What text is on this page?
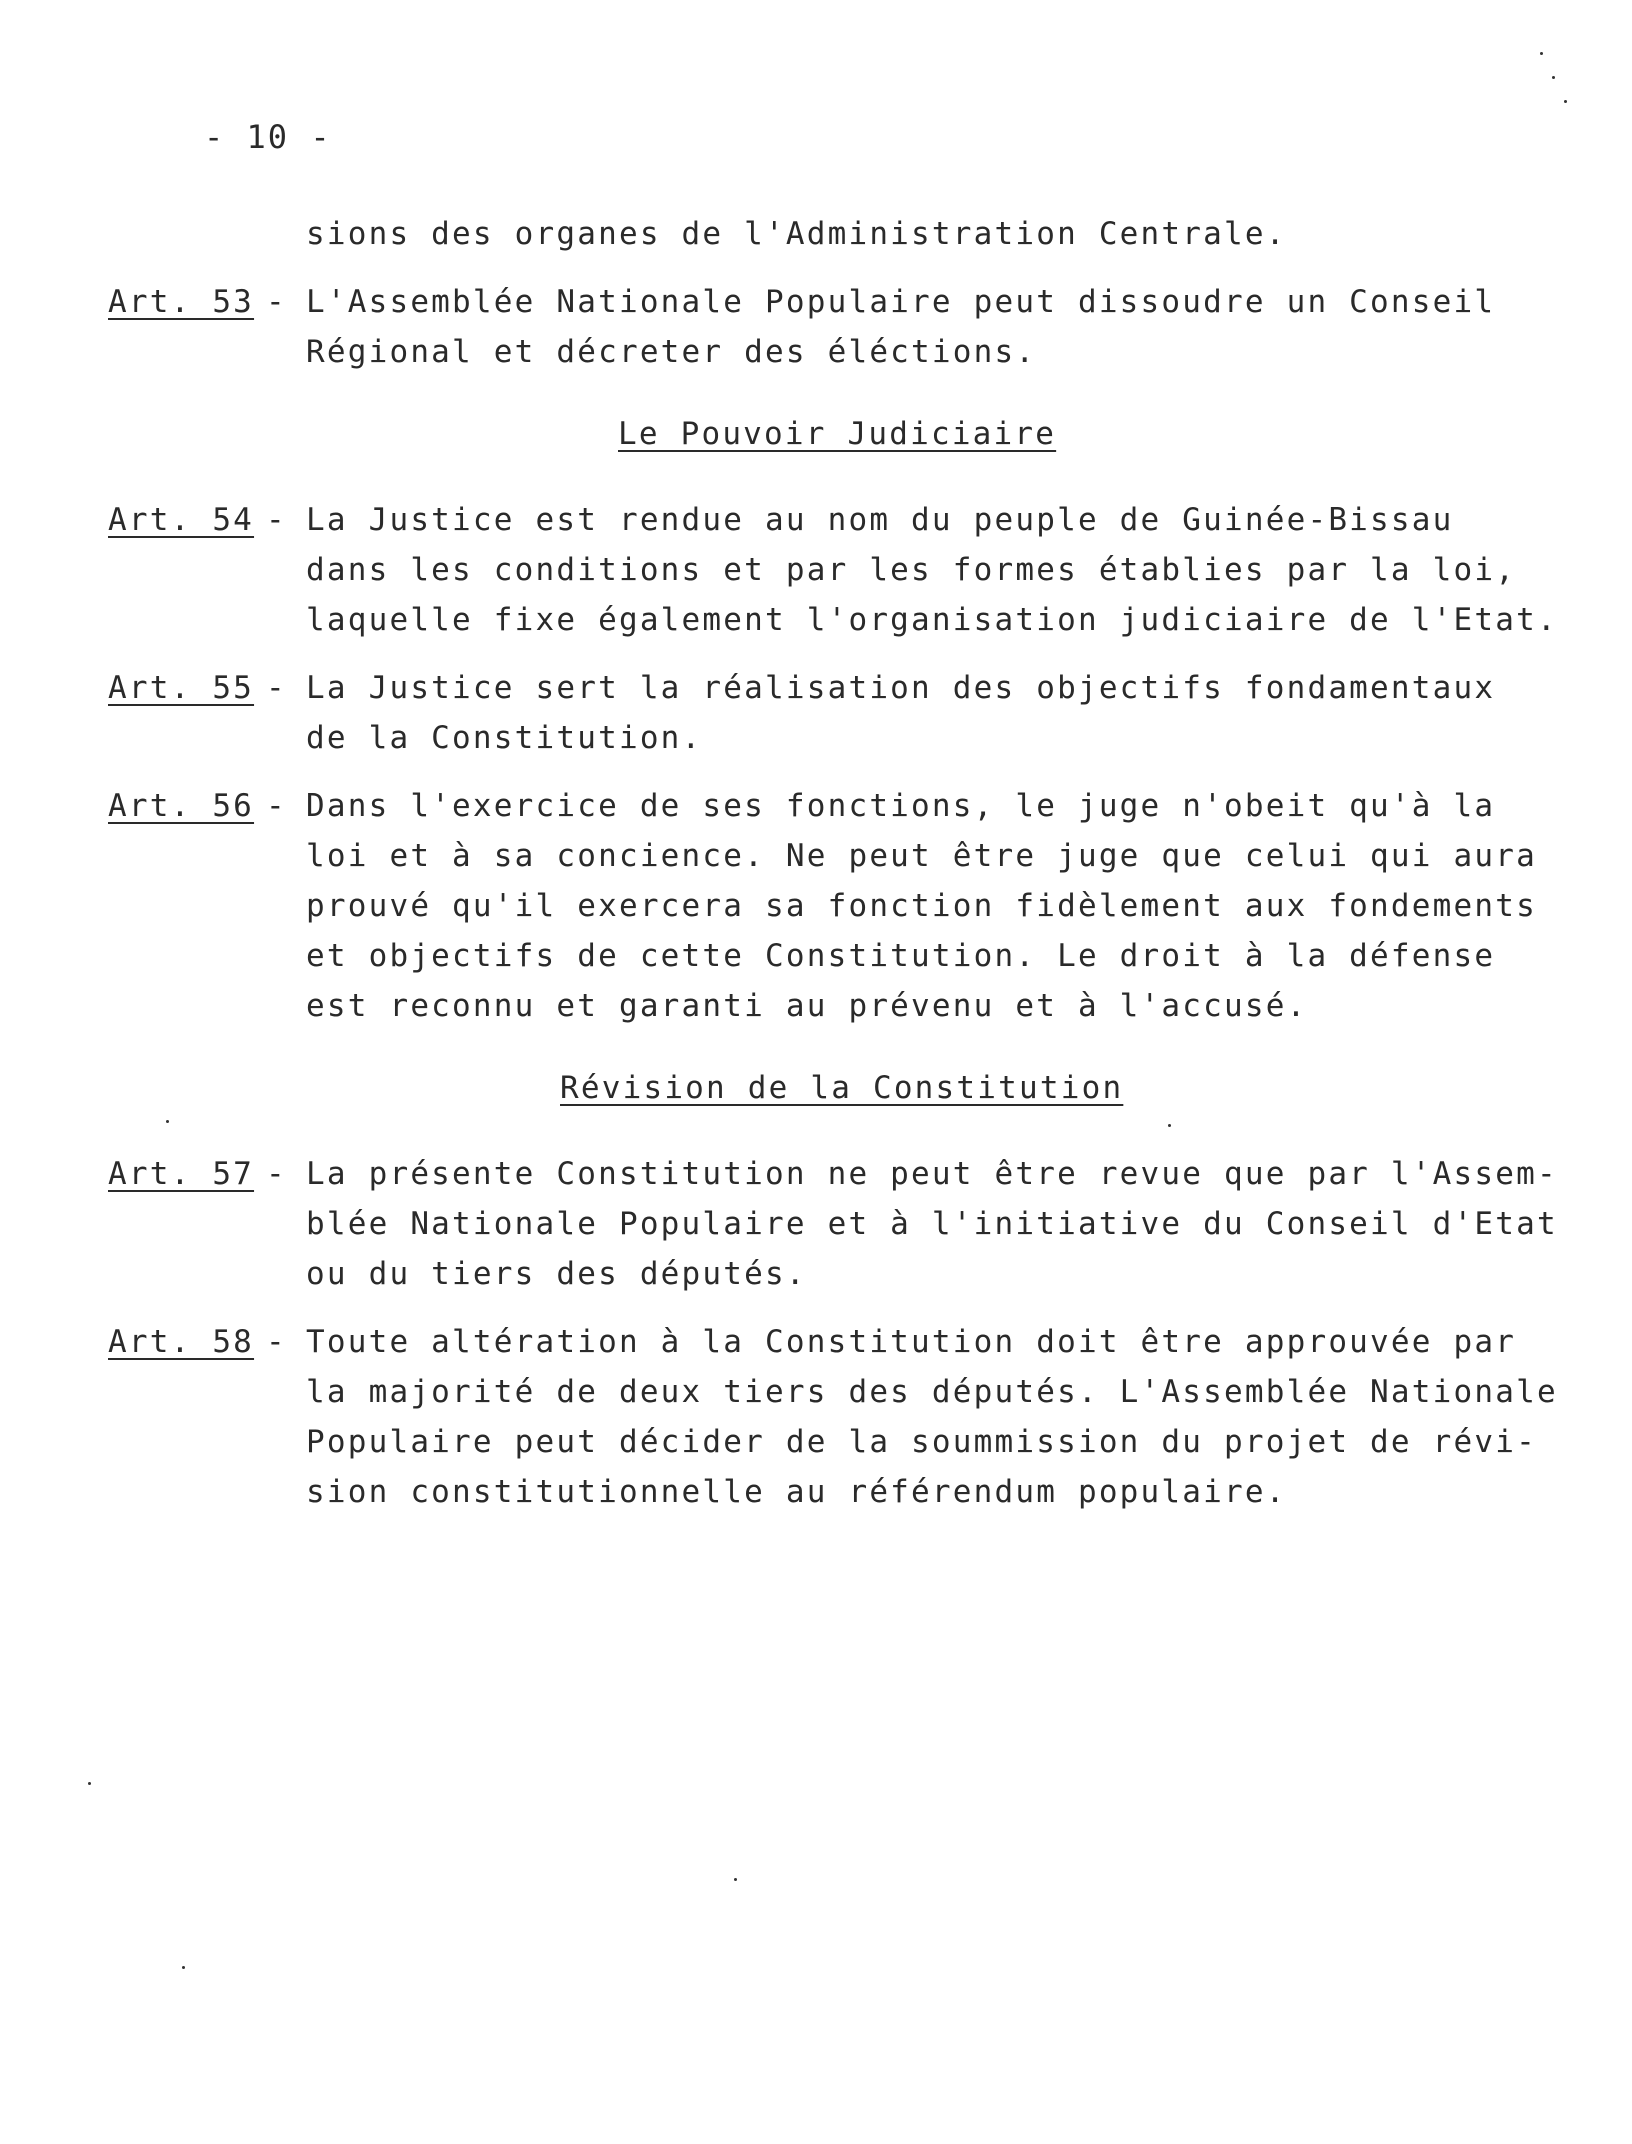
- 10 -
sions des organes de l'Administration Centrale.
Art. 53 - L'Assemblée Nationale Populaire peut dissoudre un Conseil
Régional et décreter des éléctions.
Le Pouvoir Judiciaire
Art. 54 - La Justice est rendue au nom du peuple de Guinée-Bissau
dans les conditions et par les formes établies par la loi,
laquelle fixe également l'organisation judiciaire de l'Etat.
Art. 55 - La Justice sert la réalisation des objectifs fondamentaux
de la Constitution.
Art. 56 - Dans l'exercice de ses fonctions, le juge n'obeit qu'à la
loi et à sa concience. Ne peut être juge que celui qui aura
prouvé qu'il exercera sa fonction fidèlement aux fondements
et objectifs de cette Constitution. Le droit à la défense
est reconnu et garanti au prévenu et à l'accusé.
Révision de la Constitution
Art. 57 - La présente Constitution ne peut être revue que par l'Assem-
blée Nationale Populaire et à l'initiative du Conseil d'Etat
ou du tiers des députés.
Art. 58 - Toute altération à la Constitution doit être approuvée par
la majorité de deux tiers des députés. L'Assemblée Nationale
Populaire peut décider de la soummission du projet de révi-
sion constitutionnelle au référendum populaire.
